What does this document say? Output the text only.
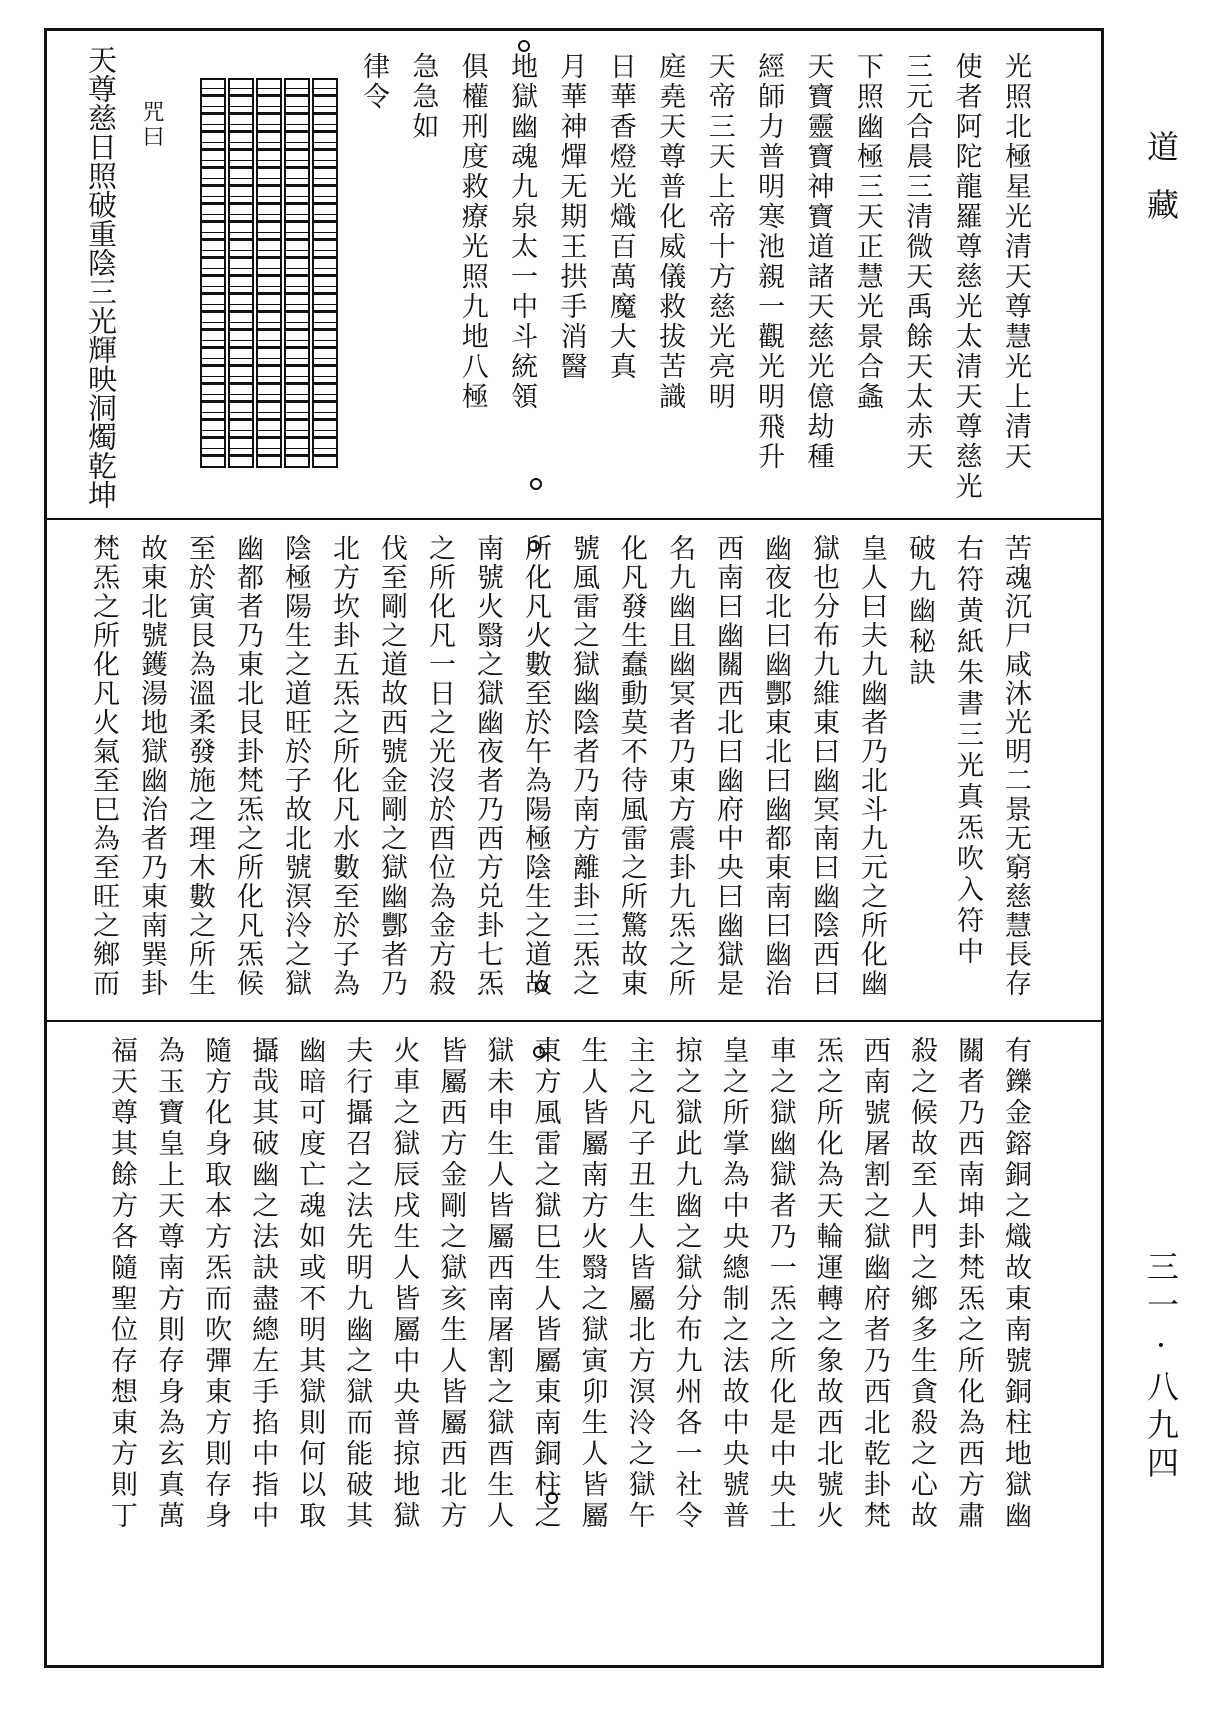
道藏
三一·八九四
光照北極星光清天尊慧光上清天
使者阿陀龍羅尊慈光太清天尊慈光
三元合晨三清微天禹餘天太赤天
下照幽極三天正慧光景合螽
天寶靈寶神寶道諸天慈光億劫種
經師力普明寒池親一觀光明飛升
天帝三天上帝十方慈光亮明
庭堯天尊普化威儀救拔苦識
日華香燈光熾百萬魔大真
月華神燀无期王拱手消醫
地獄幽魂九泉太一中斗統領
俱權刑度救療光照九地八極
急急如
律令
咒曰
天尊慈日照破重陰三光輝映洞燭乾坤
苦魂沉尸咸沐光明二景无窮慈慧長存
右符黄紙朱書三光真炁吹入符中
破九幽秘訣
皇人曰夫九幽者乃北斗九元之所化幽
獄也分布九維東曰幽冥南曰幽陰西曰
幽夜北曰幽酆東北曰幽都東南曰幽治
西南曰幽關西北曰幽府中央曰幽獄是
名九幽且幽冥者乃東方震卦九炁之所
化凡發生蠢動莫不待風雷之所驚故東
號風雷之獄幽陰者乃南方離卦三炁之
所化凡火數至於午為陽極陰生之道故
南號火翳之獄幽夜者乃西方兑卦七炁
之所化凡一日之光沒於酉位為金方殺
伐至剛之道故西號金剛之獄幽酆者乃
北方坎卦五炁之所化凡水數至於子為
陰極陽生之道旺於子故北號溟泠之獄
幽都者乃東北艮卦梵炁之所化凡炁候
至於寅艮為溫柔發施之理木數之所生
故東北號鑊湯地獄幽治者乃東南巽卦
梵炁之所化凡火氣至巳為至旺之鄉而
有鑠金鎔銅之熾故東南號銅柱地獄幽
關者乃西南坤卦梵炁之所化為西方肅
殺之候故至人門之鄉多生貪殺之心故
西南號屠割之獄幽府者乃西北乾卦梵
炁之所化為天輪運轉之象故西北號火
車之獄幽獄者乃一炁之所化是中央土
皇之所掌為中央總制之法故中央號普
掠之獄此九幽之獄分布九州各一社令
主之凡子丑生人皆屬北方溟泠之獄午
生人皆屬南方火翳之獄寅卯生人皆屬
東方風雷之獄巳生人皆屬東南銅柱之
獄未申生人皆屬西南屠割之獄酉生人
皆屬西方金剛之獄亥生人皆屬西北方
火車之獄辰戌生人皆屬中央普掠地獄
夫行攝召之法先明九幽之獄而能破其
幽暗可度亡魂如或不明其獄則何以取
攝哉其破幽之法訣盡總左手掐中指中
隨方化身取本方炁而吹彈東方則存身
為玉寶皇上天尊南方則存身為玄真萬
福天尊其餘方各隨聖位存想東方則丁
